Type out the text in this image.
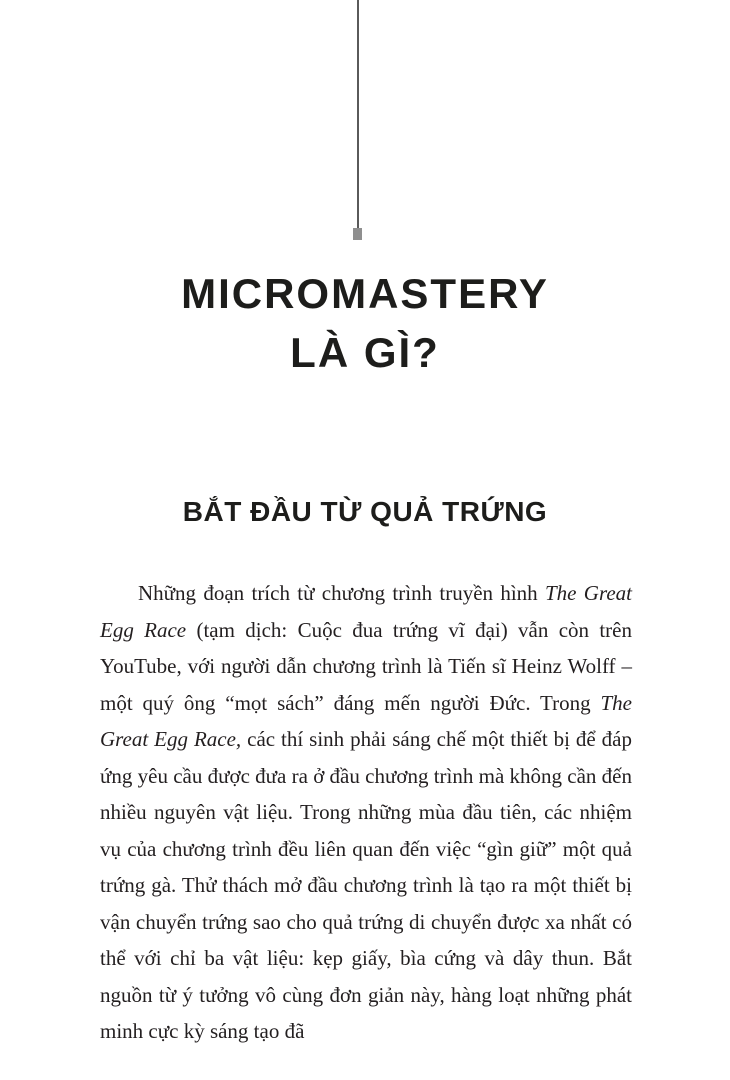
MICROMASTERY
LÀ GÌ?
BẮT ĐẦU TỪ QUẢ TRỨNG

Những đoạn trích từ chương trình truyền hình The Great Egg Race (tạm dịch: Cuộc đua trứng vĩ đại) vẫn còn trên YouTube, với người dẫn chương trình là Tiến sĩ Heinz Wolff – một quý ông “mọt sách” đáng mến người Đức. Trong The Great Egg Race, các thí sinh phải sáng chế một thiết bị để đáp ứng yêu cầu được đưa ra ở đầu chương trình mà không cần đến nhiều nguyên vật liệu. Trong những mùa đầu tiên, các nhiệm vụ của chương trình đều liên quan đến việc “gìn giữ” một quả trứng gà. Thử thách mở đầu chương trình là tạo ra một thiết bị vận chuyển trứng sao cho quả trứng di chuyển được xa nhất có thể với chỉ ba vật liệu: kẹp giấy, bìa cứng và dây thun. Bắt nguồn từ ý tưởng vô cùng đơn giản này, hàng loạt những phát minh cực kỳ sáng tạo đã
